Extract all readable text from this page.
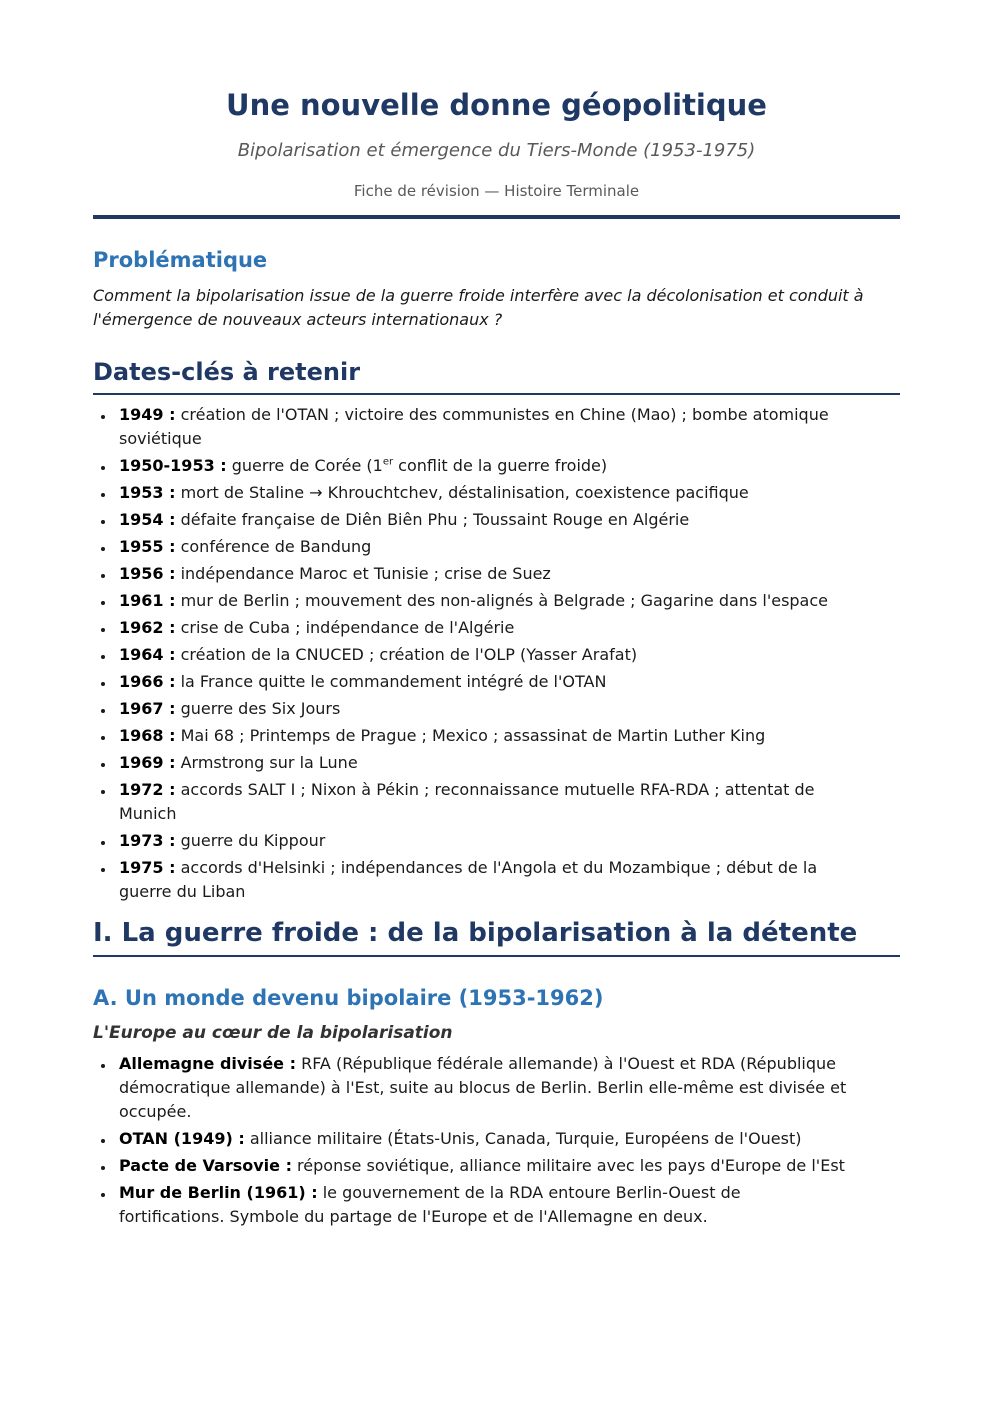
Une nouvelle donne géopolitique

Bipolarisation et émergence du Tiers-Monde (1953-1975)

Fiche de révision — Histoire Terminale

Problématique

Comment la bipolarisation issue de la guerre froide interfère avec la décolonisation et conduit à l'émergence de nouveaux acteurs internationaux ?

Dates-clés à retenir
• 1949 : création de l'OTAN ; victoire des communistes en Chine (Mao) ; bombe atomique soviétique
• 1950-1953 : guerre de Corée (1er conflit de la guerre froide)
• 1953 : mort de Staline → Khrouchtchev, déstalinisation, coexistence pacifique
• 1954 : défaite française de Diên Biên Phu ; Toussaint Rouge en Algérie
• 1955 : conférence de Bandung
• 1956 : indépendance Maroc et Tunisie ; crise de Suez
• 1961 : mur de Berlin ; mouvement des non-alignés à Belgrade ; Gagarine dans l'espace
• 1962 : crise de Cuba ; indépendance de l'Algérie
• 1964 : création de la CNUCED ; création de l'OLP (Yasser Arafat)
• 1966 : la France quitte le commandement intégré de l'OTAN
• 1967 : guerre des Six Jours
• 1968 : Mai 68 ; Printemps de Prague ; Mexico ; assassinat de Martin Luther King
• 1969 : Armstrong sur la Lune
• 1972 : accords SALT I ; Nixon à Pékin ; reconnaissance mutuelle RFA-RDA ; attentat de Munich
• 1973 : guerre du Kippour
• 1975 : accords d'Helsinki ; indépendances de l'Angola et du Mozambique ; début de la guerre du Liban
I. La guerre froide : de la bipolarisation à la détente
A. Un monde devenu bipolaire (1953-1962)
L'Europe au cœur de la bipolarisation
• Allemagne divisée : RFA (République fédérale allemande) à l'Ouest et RDA (République démocratique allemande) à l'Est, suite au blocus de Berlin. Berlin elle-même est divisée et occupée.
• OTAN (1949) : alliance militaire (États-Unis, Canada, Turquie, Européens de l'Ouest)
• Pacte de Varsovie : réponse soviétique, alliance militaire avec les pays d'Europe de l'Est
• Mur de Berlin (1961) : le gouvernement de la RDA entoure Berlin-Ouest de fortifications. Symbole du partage de l'Europe et de l'Allemagne en deux.
